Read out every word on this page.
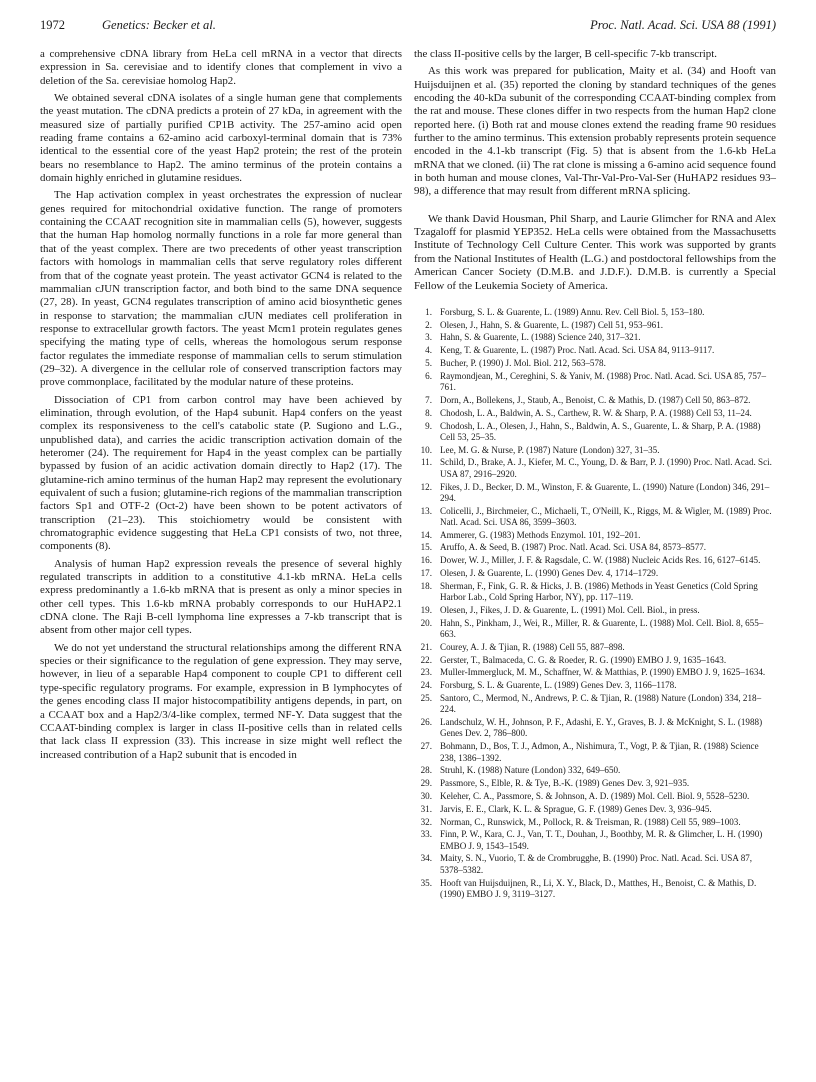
1972	Genetics: Becker et al.	Proc. Natl. Acad. Sci. USA 88 (1991)

a comprehensive cDNA library from HeLa cell mRNA in a vector that directs expression in Sa. cerevisiae and to identify clones that complement in vivo a deletion of the Sa. cerevisiae homolog Hap2.

We obtained several cDNA isolates of a single human gene that complements the yeast mutation. The cDNA predicts a protein of 27 kDa, in agreement with the measured size of partially purified CP1B activity. The 257-amino acid open reading frame contains a 62-amino acid carboxyl-terminal domain that is 73% identical to the essential core of the yeast Hap2 protein; the rest of the protein bears no resemblance to Hap2. The amino terminus of the protein contains a domain highly enriched in glutamine residues.

The Hap activation complex in yeast orchestrates the expression of nuclear genes required for mitochondrial oxidative function. The range of promoters containing the CCAAT recognition site in mammalian cells (5), however, suggests that the human Hap homolog normally functions in a role far more general than that of the yeast complex. There are two precedents of other yeast transcription factors with homologs in mammalian cells that serve regulatory roles different from that of the cognate yeast protein. The yeast activator GCN4 is related to the mammalian cJUN transcription factor, and both bind to the same DNA sequence (27, 28). In yeast, GCN4 regulates transcription of amino acid biosynthetic genes in response to starvation; the mammalian cJUN mediates cell proliferation in response to extracellular growth factors. The yeast Mcm1 protein regulates genes specifying the mating type of cells, whereas the homologous serum response factor regulates the immediate response of mammalian cells to serum stimulation (29–32). A divergence in the cellular role of conserved transcription factors may prove commonplace, facilitated by the modular nature of these proteins.

Dissociation of CP1 from carbon control may have been achieved by elimination, through evolution, of the Hap4 subunit. Hap4 confers on the yeast complex its responsiveness to the cell's catabolic state (P. Sugiono and L.G., unpublished data), and carries the acidic transcription activation domain of the heteromer (24). The requirement for Hap4 in the yeast complex can be partially bypassed by fusion of an acidic activation domain directly to Hap2 (17). The glutamine-rich amino terminus of the human Hap2 may represent the evolutionary equivalent of such a fusion; glutamine-rich regions of the mammalian transcription factors Sp1 and OTF-2 (Oct-2) have been shown to be potent activators of transcription (21–23). This stoichiometry would be consistent with chromatographic evidence suggesting that HeLa CP1 consists of two, not three, components (8).

Analysis of human Hap2 expression reveals the presence of several highly regulated transcripts in addition to a constitutive 4.1-kb mRNA. HeLa cells express predominantly a 1.6-kb mRNA that is present as only a minor species in other cell types. This 1.6-kb mRNA probably corresponds to our HuHAP2.1 cDNA clone. The Raji B-cell lymphoma line expresses a 7-kb transcript that is absent from other major cell types.

We do not yet understand the structural relationships among the different RNA species or their significance to the regulation of gene expression. They may serve, however, in lieu of a separable Hap4 component to couple CP1 to different cell type-specific regulatory programs. For example, expression in B lymphocytes of the genes encoding class II major histocompatibility antigens depends, in part, on a CCAAT box and a Hap2/3/4-like complex, termed NF-Y. Data suggest that the CCAAT-binding complex is larger in class II-positive cells than in related cells that lack class II expression (33). This increase in size might well reflect the increased contribution of a Hap2 subunit that is encoded in

the class II-positive cells by the larger, B cell-specific 7-kb transcript.

As this work was prepared for publication, Maity et al. (34) and Hooft van Huijsduijnen et al. (35) reported the cloning by standard techniques of the genes encoding the 40-kDa subunit of the corresponding CCAAT-binding complex from the rat and mouse. These clones differ in two respects from the human Hap2 clone reported here. (i) Both rat and mouse clones extend the reading frame 90 residues further to the amino terminus. This extension probably represents protein sequence encoded in the 4.1-kb transcript (Fig. 5) that is absent from the 1.6-kb HeLa mRNA that we cloned. (ii) The rat clone is missing a 6-amino acid sequence found in both human and mouse clones, Val-Thr-Val-Pro-Val-Ser (HuHAP2 residues 93–98), a difference that may result from different mRNA splicing.

We thank David Housman, Phil Sharp, and Laurie Glimcher for RNA and Alex Tzagaloff for plasmid YEP352. HeLa cells were obtained from the Massachusetts Institute of Technology Cell Culture Center. This work was supported by grants from the National Institutes of Health (L.G.) and postdoctoral fellowships from the American Cancer Society (D.M.B. and J.D.F.). D.M.B. is currently a Special Fellow of the Leukemia Society of America.

1. Forsburg, S. L. & Guarente, L. (1989) Annu. Rev. Cell Biol. 5, 153–180.
2. Olesen, J., Hahn, S. & Guarente, L. (1987) Cell 51, 953–961.
3. Hahn, S. & Guarente, L. (1988) Science 240, 317–321.
4. Keng, T. & Guarente, L. (1987) Proc. Natl. Acad. Sci. USA 84, 9113–9117.
5. Bucher, P. (1990) J. Mol. Biol. 212, 563–578.
6. Raymondjean, M., Cereghini, S. & Yaniv, M. (1988) Proc. Natl. Acad. Sci. USA 85, 757–761.
7. Dorn, A., Bollekens, J., Staub, A., Benoist, C. & Mathis, D. (1987) Cell 50, 863–872.
8. Chodosh, L. A., Baldwin, A. S., Carthew, R. W. & Sharp, P. A. (1988) Cell 53, 11–24.
9. Chodosh, L. A., Olesen, J., Hahn, S., Baldwin, A. S., Guarente, L. & Sharp, P. A. (1988) Cell 53, 25–35.
10. Lee, M. G. & Nurse, P. (1987) Nature (London) 327, 31–35.
11. Schild, D., Brake, A. J., Kiefer, M. C., Young, D. & Barr, P. J. (1990) Proc. Natl. Acad. Sci. USA 87, 2916–2920.
12. Fikes, J. D., Becker, D. M., Winston, F. & Guarente, L. (1990) Nature (London) 346, 291–294.
13. Colicelli, J., Birchmeier, C., Michaeli, T., O'Neill, K., Riggs, M. & Wigler, M. (1989) Proc. Natl. Acad. Sci. USA 86, 3599–3603.
14. Ammerer, G. (1983) Methods Enzymol. 101, 192–201.
15. Aruffo, A. & Seed, B. (1987) Proc. Natl. Acad. Sci. USA 84, 8573–8577.
16. Dower, W. J., Miller, J. F. & Ragsdale, C. W. (1988) Nucleic Acids Res. 16, 6127–6145.
17. Olesen, J. & Guarente, L. (1990) Genes Dev. 4, 1714–1729.
18. Sherman, F., Fink, G. R. & Hicks, J. B. (1986) Methods in Yeast Genetics (Cold Spring Harbor Lab., Cold Spring Harbor, NY), pp. 117–119.
19. Olesen, J., Fikes, J. D. & Guarente, L. (1991) Mol. Cell. Biol., in press.
20. Hahn, S., Pinkham, J., Wei, R., Miller, R. & Guarente, L. (1988) Mol. Cell. Biol. 8, 655–663.
21. Courey, A. J. & Tjian, R. (1988) Cell 55, 887–898.
22. Gerster, T., Balmaceda, C. G. & Roeder, R. G. (1990) EMBO J. 9, 1635–1643.
23. Muller-Immergluck, M. M., Schaffner, W. & Matthias, P. (1990) EMBO J. 9, 1625–1634.
24. Forsburg, S. L. & Guarente, L. (1989) Genes Dev. 3, 1166–1178.
25. Santoro, C., Mermod, N., Andrews, P. C. & Tjian, R. (1988) Nature (London) 334, 218–224.
26. Landschulz, W. H., Johnson, P. F., Adashi, E. Y., Graves, B. J. & McKnight, S. L. (1988) Genes Dev. 2, 786–800.
27. Bohmann, D., Bos, T. J., Admon, A., Nishimura, T., Vogt, P. & Tjian, R. (1988) Science 238, 1386–1392.
28. Struhl, K. (1988) Nature (London) 332, 649–650.
29. Passmore, S., Elble, R. & Tye, B.-K. (1989) Genes Dev. 3, 921–935.
30. Keleher, C. A., Passmore, S. & Johnson, A. D. (1989) Mol. Cell. Biol. 9, 5528–5230.
31. Jarvis, E. E., Clark, K. L. & Sprague, G. F. (1989) Genes Dev. 3, 936–945.
32. Norman, C., Runswick, M., Pollock, R. & Treisman, R. (1988) Cell 55, 989–1003.
33. Finn, P. W., Kara, C. J., Van, T. T., Douhan, J., Boothby, M. R. & Glimcher, L. H. (1990) EMBO J. 9, 1543–1549.
34. Maity, S. N., Vuorio, T. & de Crombrugghe, B. (1990) Proc. Natl. Acad. Sci. USA 87, 5378–5382.
35. Hooft van Huijsduijnen, R., Li, X. Y., Black, D., Matthes, H., Benoist, C. & Mathis, D. (1990) EMBO J. 9, 3119–3127.
